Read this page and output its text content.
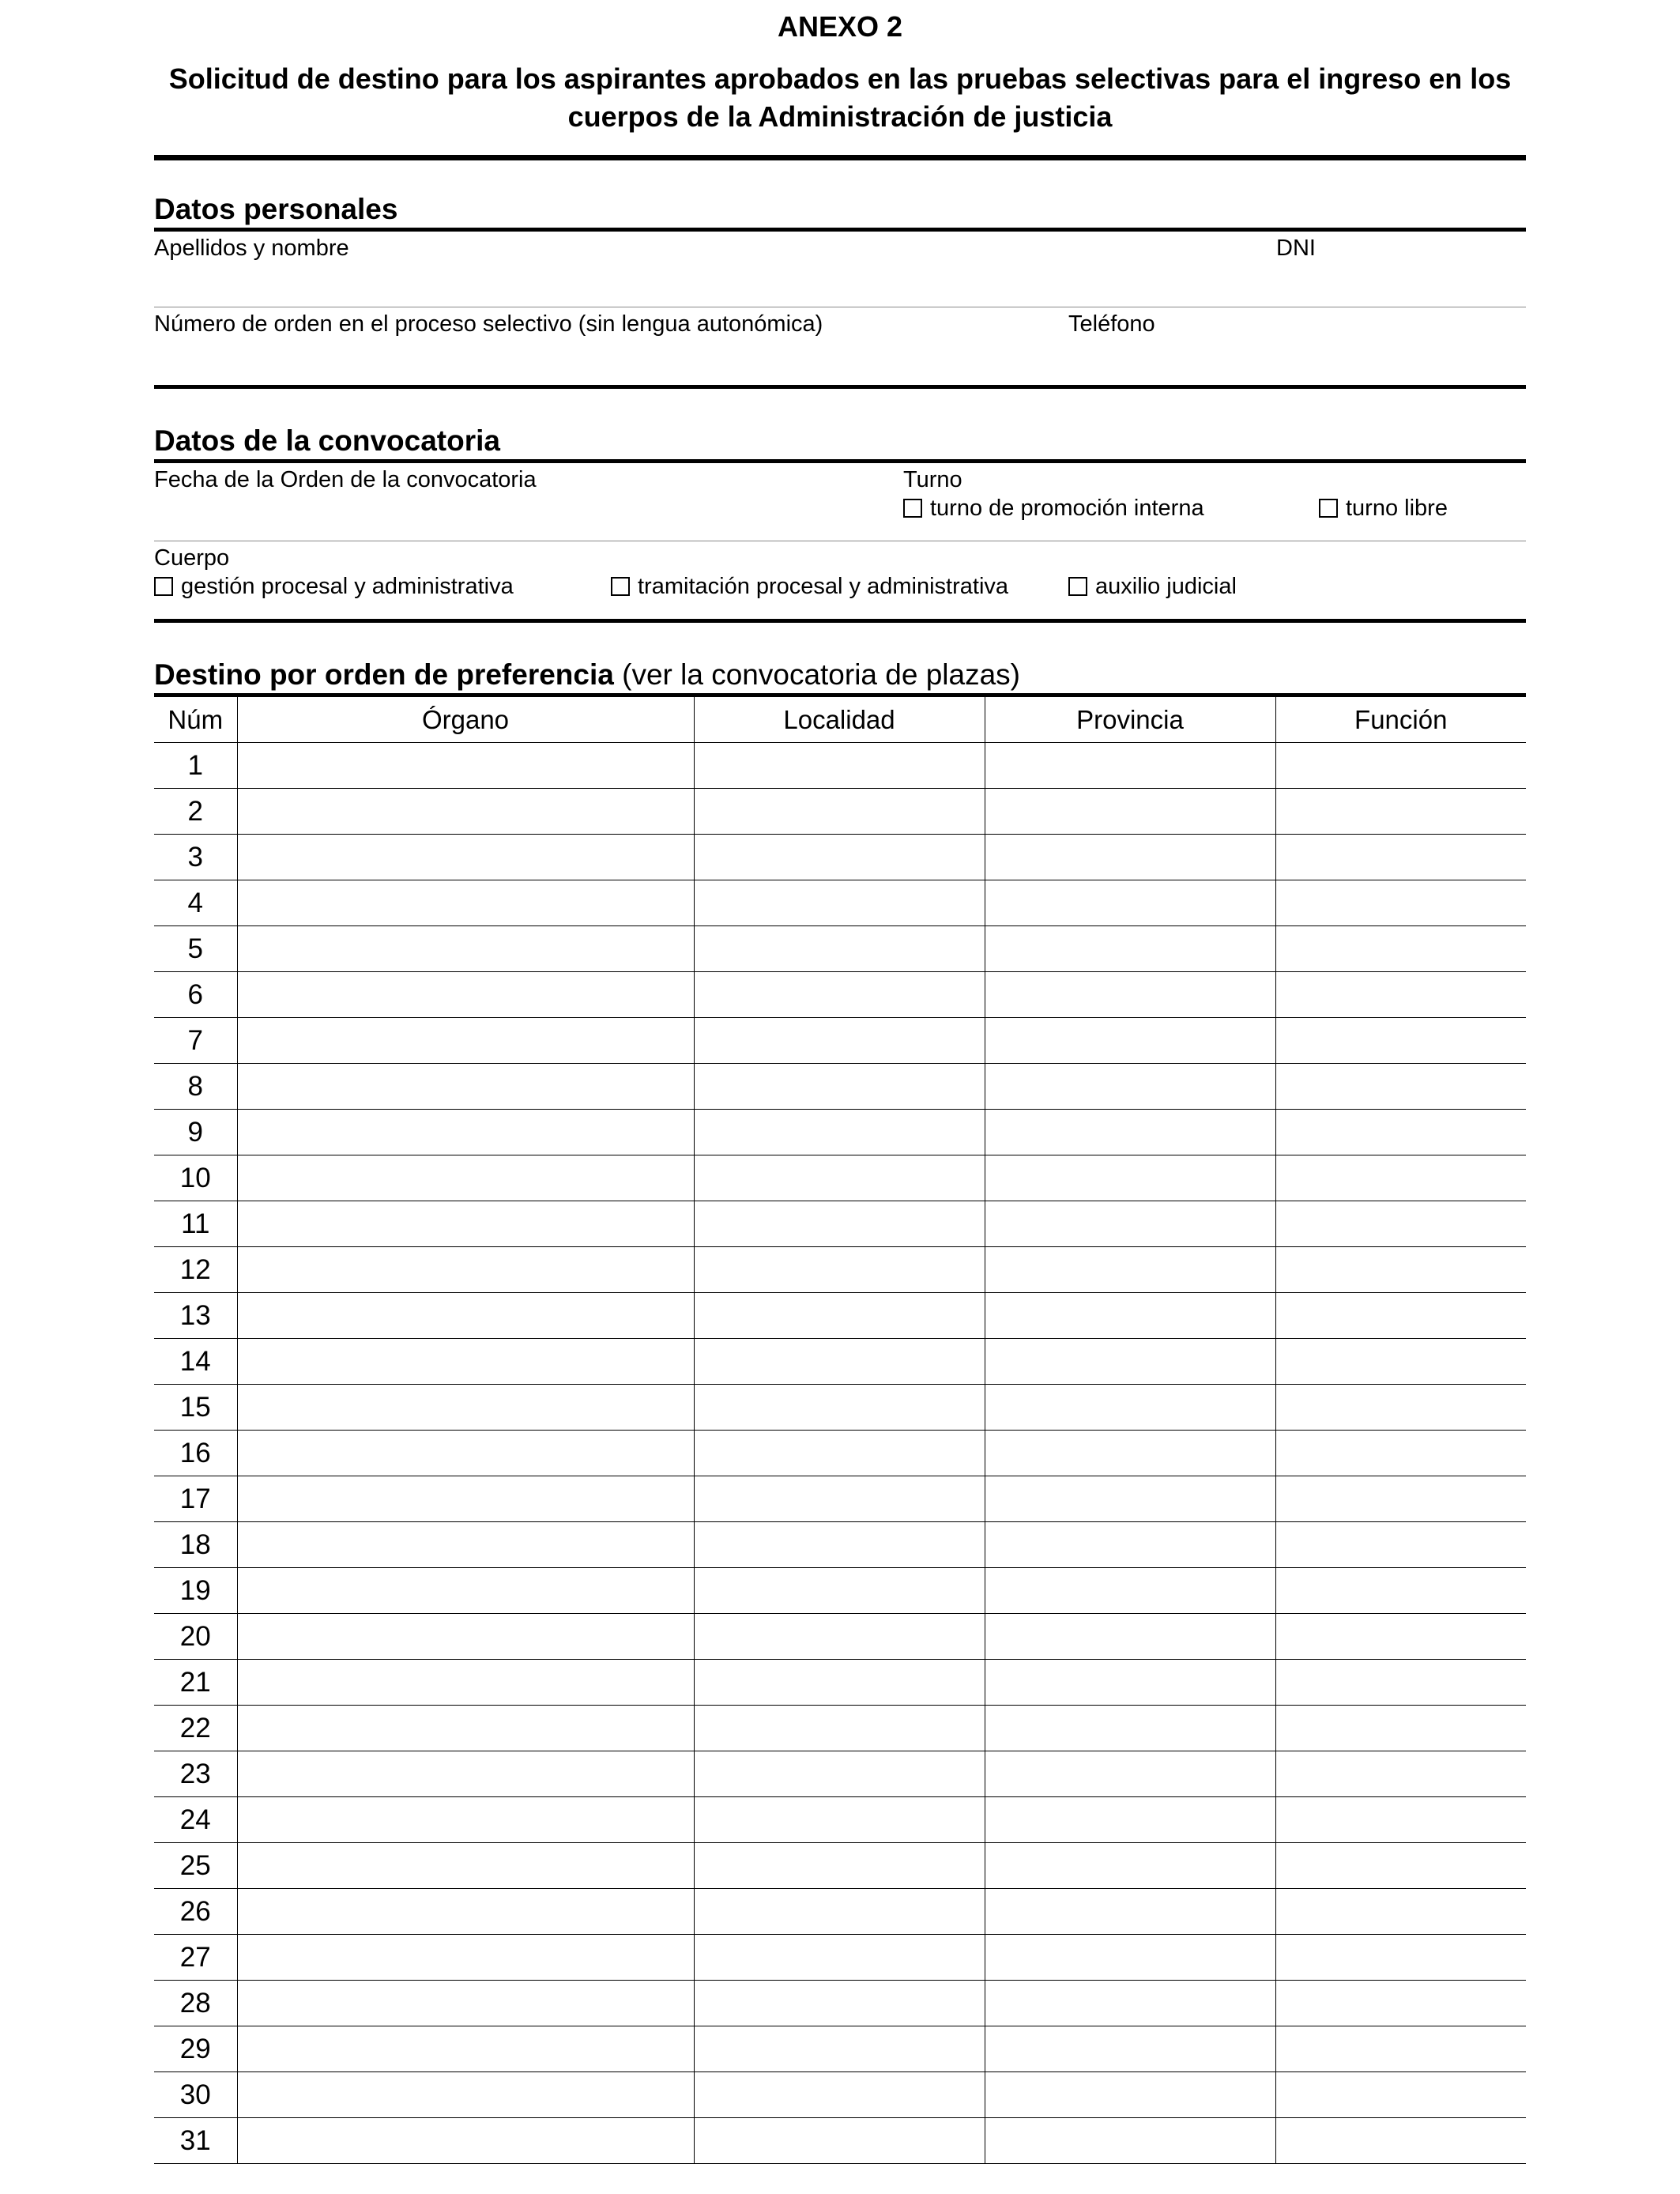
ANEXO 2
Solicitud de destino para los aspirantes aprobados en las pruebas selectivas para el ingreso en los cuerpos de la Administración de justicia
Datos personales
Apellidos y nombre	DNI
Número de orden en el proceso selectivo (sin lengua autonómica)	Teléfono
Datos de la convocatoria
Fecha de la Orden de la convocatoria	Turno
turno de promoción interna	turno libre
Cuerpo
gestión procesal y administrativa	tramitación procesal y administrativa	auxilio judicial
Destino por orden de preferencia (ver la convocatoria de plazas)
Núm	Órgano	Localidad	Provincia	Función
1				
2				
3				
4				
5				
6				
7				
8				
9				
10				
11				
12				
13				
14				
15				
16				
17				
18				
19				
20				
21				
22				
23				
24				
25				
26				
27				
28				
29				
30				
31				
